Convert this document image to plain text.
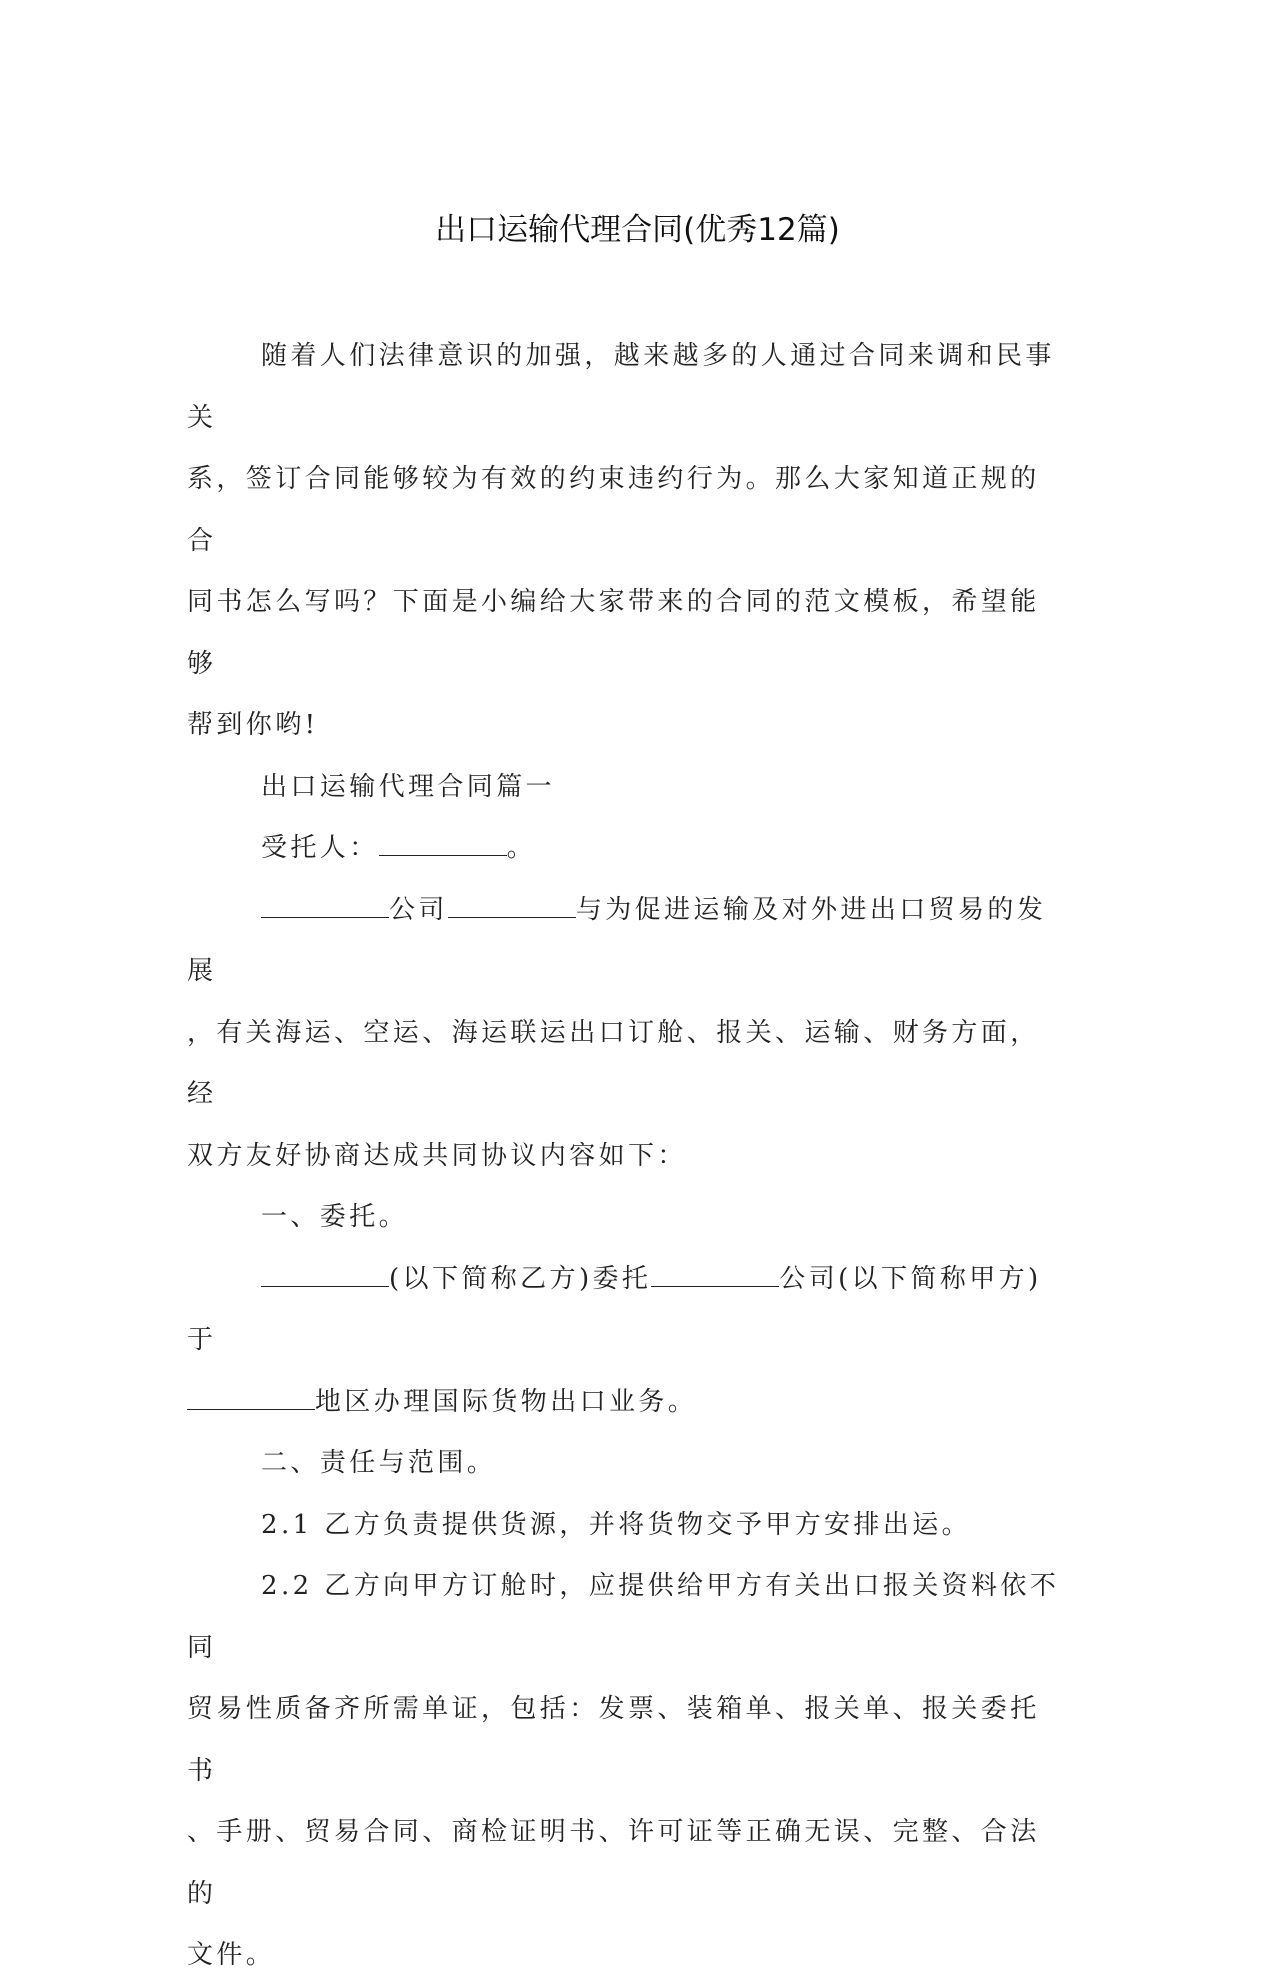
出口运输代理合同(优秀12篇)

随着人们法律意识的加强，越来越多的人通过合同来调和民事关
系，签订合同能够较为有效的约束违约行为。那么大家知道正规的合
同书怎么写吗？下面是小编给大家带来的合同的范文模板，希望能够
帮到你哟!

出口运输代理合同篇一

受托人：	。

公司	与为促进运输及对外进出口贸易的发展
，有关海运、空运、海运联运出口订舱、报关、运输、财务方面，经
双方友好协商达成共同协议内容如下：

一、委托。

(以下简称乙方)委托	公司(以下简称甲方)于
地区办理国际货物出口业务。

二、责任与范围。

2.1 乙方负责提供货源，并将货物交予甲方安排出运。

2.2 乙方向甲方订舱时，应提供给甲方有关出口报关资料依不同
贸易性质备齐所需单证，包括：发票、装箱单、报关单、报关委托书
、手册、贸易合同、商检证明书、许可证等正确无误、完整、合法的
文件。
